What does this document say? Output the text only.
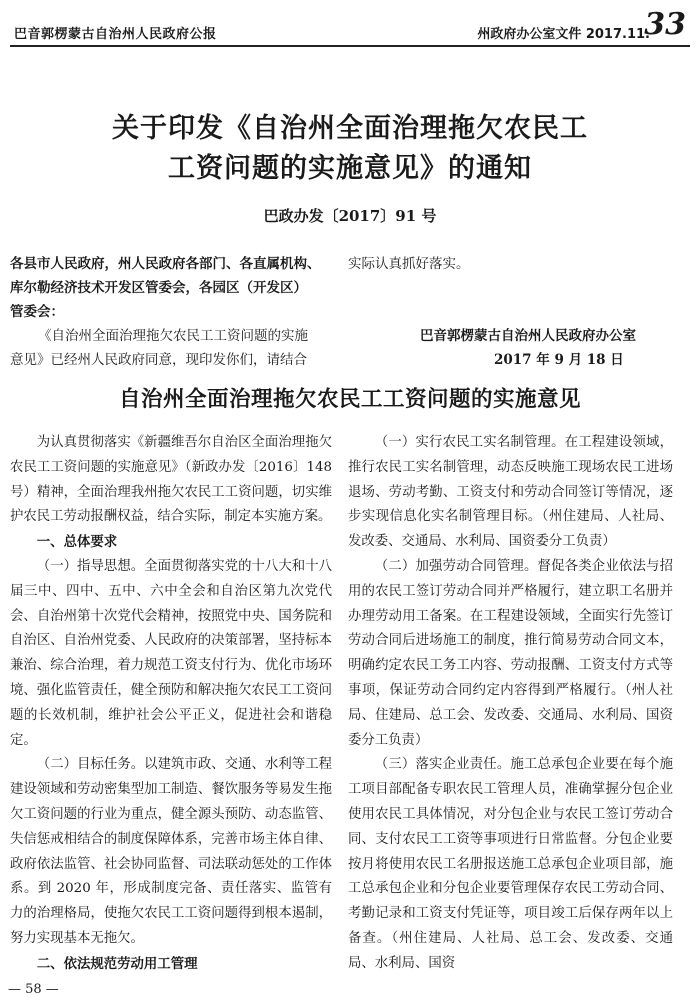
巴音郭楞蒙古自治州人民政府公报	州政府办公室文件 2017.11.
33
关于印发《自治州全面治理拖欠农民工
工资问题的实施意见》的通知
巴政办发〔2017〕91 号
各县市人民政府，州人民政府各部门、各直属机构、
库尔勒经济技术开发区管委会，各园区（开发区）
管委会：
《自治州全面治理拖欠农民工工资问题的实施
意见》已经州人民政府同意，现印发你们，请结合
实际认真抓好落实。
巴音郭楞蒙古自治州人民政府办公室
2017 年 9 月 18 日
自治州全面治理拖欠农民工工资问题的实施意见

为认真贯彻落实《新疆维吾尔自治区全面治理拖欠农民工工资问题的实施意见》（新政办发〔2016〕148 号）精神，全面治理我州拖欠农民工工资问题，切实维护农民工劳动报酬权益，结合实际，制定本实施方案。

一、总体要求

（一）指导思想。全面贯彻落实党的十八大和十八届三中、四中、五中、六中全会和自治区第九次党代会、自治州第十次党代会精神，按照党中央、国务院和自治区、自治州党委、人民政府的决策部署，坚持标本兼治、综合治理，着力规范工资支付行为、优化市场环境、强化监管责任，健全预防和解决拖欠农民工工资问题的长效机制，维护社会公平正义，促进社会和谐稳定。

（二）目标任务。以建筑市政、交通、水利等工程建设领域和劳动密集型加工制造、餐饮服务等易发生拖欠工资问题的行业为重点，健全源头预防、动态监管、失信惩戒相结合的制度保障体系，完善市场主体自律、政府依法监管、社会协同监督、司法联动惩处的工作体系。到 2020 年，形成制度完备、责任落实、监管有力的治理格局，使拖欠农民工工资问题得到根本遏制，努力实现基本无拖欠。

二、依法规范劳动用工管理

（一）实行农民工实名制管理。在工程建设领域，推行农民工实名制管理，动态反映施工现场农民工进场退场、劳动考勤、工资支付和劳动合同签订等情况，逐步实现信息化实名制管理目标。（州住建局、人社局、发改委、交通局、水利局、国资委分工负责）

（二）加强劳动合同管理。督促各类企业依法与招用的农民工签订劳动合同并严格履行，建立职工名册并办理劳动用工备案。在工程建设领域，全面实行先签订劳动合同后进场施工的制度，推行简易劳动合同文本，明确约定农民工务工内容、劳动报酬、工资支付方式等事项，保证劳动合同约定内容得到严格履行。（州人社局、住建局、总工会、发改委、交通局、水利局、国资委分工负责）

（三）落实企业责任。施工总承包企业要在每个施工项目部配备专职农民工管理人员，准确掌握分包企业使用农民工具体情况，对分包企业与农民工签订劳动合同、支付农民工工资等事项进行日常监督。分包企业要按月将使用农民工名册报送施工总承包企业项目部，施工总承包企业和分包企业要管理保存农民工劳动合同、考勤记录和工资支付凭证等，项目竣工后保存两年以上备查。（州住建局、人社局、总工会、发改委、交通局、水利局、国资

— 58 —
